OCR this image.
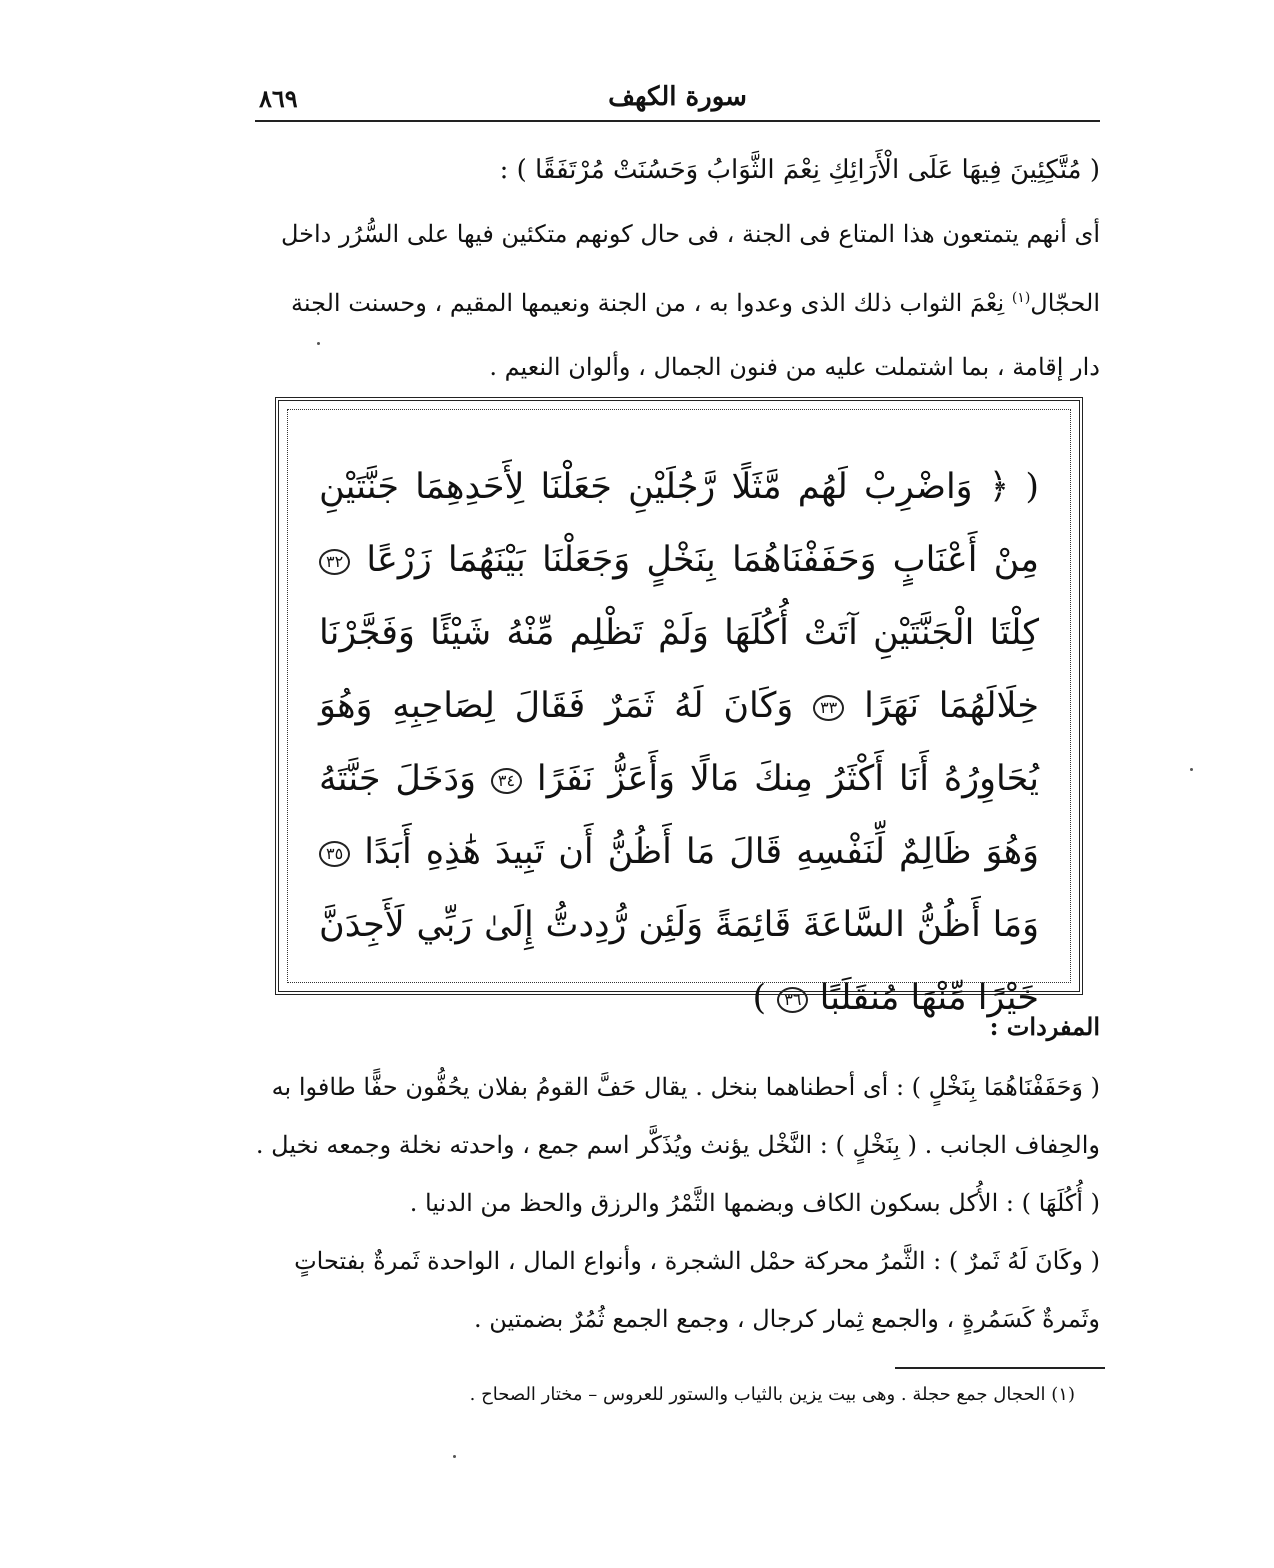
سورة الكهف
٨٦٩
( مُتَّكِئِينَ فِيهَا عَلَى الْأَرَائِكِ نِعْمَ الثَّوَابُ وَحَسُنَتْ مُرْتَفَقًا ) :
أى أنهم يتمتعون هذا المتاع فى الجنة ، فى حال كونهم متكئين فيها على السُّرُر داخل الحجّال$^{(١)}$ نِعْمَ الثواب ذلك الذى وعدوا به ، من الجنة ونعيمها المقيم ، وحسنت الجنة دار إقامة ، بما اشتملت عليه من فنون الجمال ، وألوان النعيم .
( ﴿ وَاضْرِبْ لَهُم مَّثَلًا رَّجُلَيْنِ جَعَلْنَا لِأَحَدِهِمَا جَنَّتَيْنِ مِنْ أَعْنَابٍ وَحَفَفْنَاهُمَا بِنَخْلٍ وَجَعَلْنَا بَيْنَهُمَا زَرْعًا ٣٢ كِلْتَا الْجَنَّتَيْنِ آتَتْ أُكُلَهَا وَلَمْ تَظْلِم مِّنْهُ شَيْئًا وَفَجَّرْنَا خِلَالَهُمَا نَهَرًا ٣٣ وَكَانَ لَهُ ثَمَرٌ فَقَالَ لِصَاحِبِهِ وَهُوَ يُحَاوِرُهُ أَنَا أَكْثَرُ مِنكَ مَالًا وَأَعَزُّ نَفَرًا ٣٤ وَدَخَلَ جَنَّتَهُ وَهُوَ ظَالِمٌ لِّنَفْسِهِ قَالَ مَا أَظُنُّ أَن تَبِيدَ هَٰذِهِ أَبَدًا ٣٥ وَمَا أَظُنُّ السَّاعَةَ قَائِمَةً وَلَئِن رُّدِدتُّ إِلَىٰ رَبِّي لَأَجِدَنَّ خَيْرًا مِّنْهَا مُنقَلَبًا ٣٦ )
المفردات :
( وَحَفَفْنَاهُمَا بِنَخْلٍ ) : أى أحطناهما بنخل . يقال حَفَّ القومُ بفلان يحُفُّون حفًّا طافوا به والحِفاف الجانب . ( بِنَخْلٍ ) : النَّخْل يؤنث ويُذَكَّر اسم جمع ، واحدته نخلة وجمعه نخيل .
( أُكُلَهَا ) : الأُكل بسكون الكاف وبضمها الثَّمْرُ والرزق والحظ من الدنيا .
( وكَانَ لَهُ ثَمرٌ ) : الثَّمرُ محركة حمْل الشجرة ، وأنواع المال ، الواحدة ثَمرةٌ بفتحاتٍ وثَمرةٌ كَسَمُرةٍ ، والجمع ثِمار كرجال ، وجمع الجمع ثُمُرٌ بضمتين .
(١) الحجال جمع حجلة . وهى بيت يزين بالثياب والستور للعروس – مختار الصحاح .
